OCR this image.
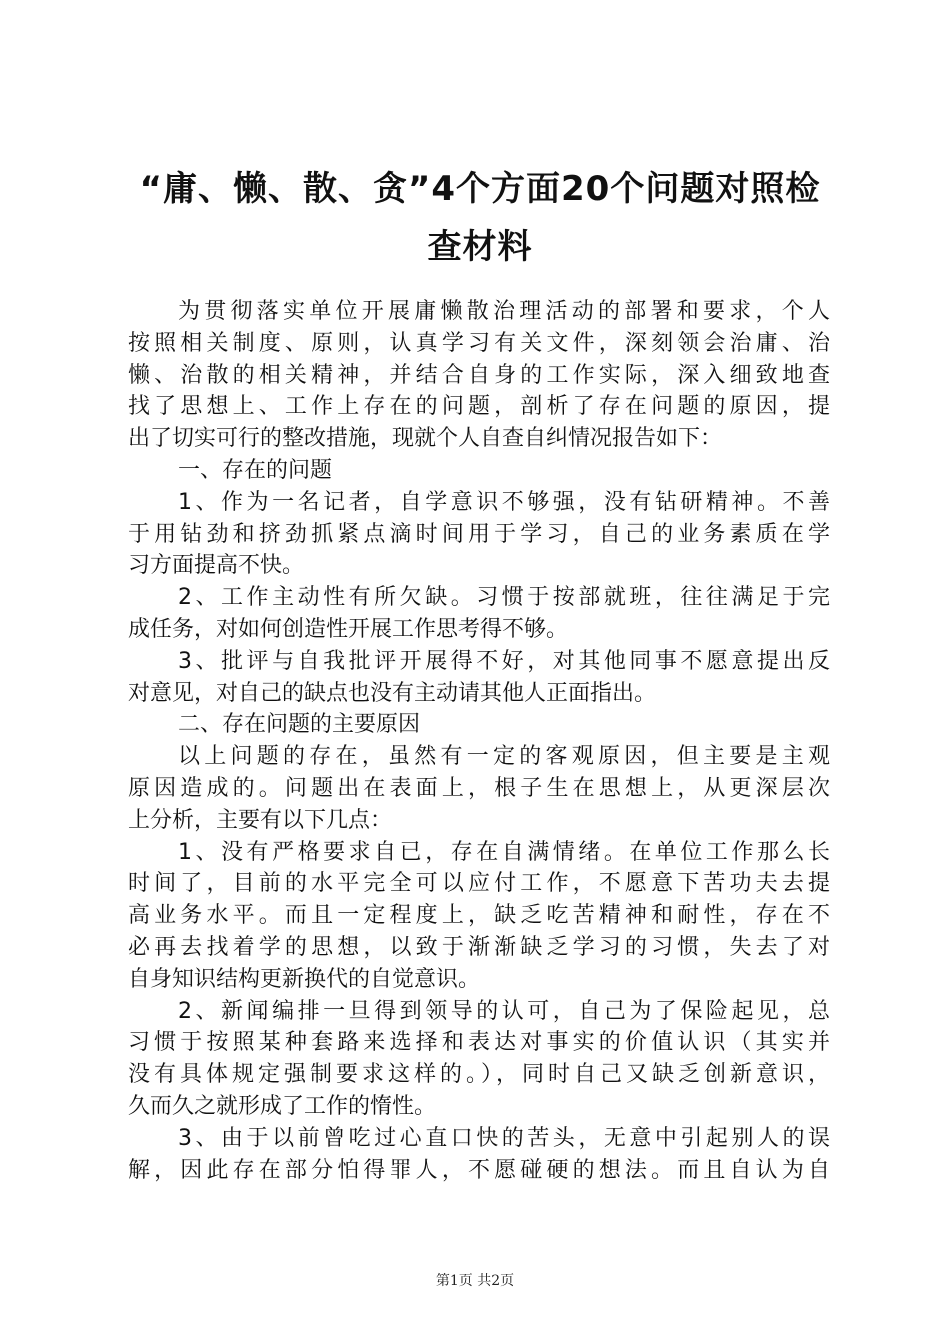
“庸、懒、散、贪”4个方面20个问题对照检
查材料
为贯彻落实单位开展庸懒散治理活动的部署和要求，个人
按照相关制度、原则，认真学习有关文件，深刻领会治庸、治
懒、治散的相关精神，并结合自身的工作实际，深入细致地查
找了思想上、工作上存在的问题，剖析了存在问题的原因，提
出了切实可行的整改措施，现就个人自查自纠情况报告如下：
一、存在的问题
1、作为一名记者，自学意识不够强，没有钻研精神。不善
于用钻劲和挤劲抓紧点滴时间用于学习，自己的业务素质在学
习方面提高不快。
2、工作主动性有所欠缺。习惯于按部就班，往往满足于完
成任务，对如何创造性开展工作思考得不够。
3、批评与自我批评开展得不好，对其他同事不愿意提出反
对意见，对自己的缺点也没有主动请其他人正面指出。
二、存在问题的主要原因
以上问题的存在，虽然有一定的客观原因，但主要是主观
原因造成的。问题出在表面上，根子生在思想上，从更深层次
上分析，主要有以下几点：
1、没有严格要求自已，存在自满情绪。在单位工作那么长
时间了，目前的水平完全可以应付工作，不愿意下苦功夫去提
高业务水平。而且一定程度上，缺乏吃苦精神和耐性，存在不
必再去找着学的思想，以致于渐渐缺乏学习的习惯，失去了对
自身知识结构更新换代的自觉意识。
2、新闻编排一旦得到领导的认可，自己为了保险起见，总
习惯于按照某种套路来选择和表达对事实的价值认识（其实并
没有具体规定强制要求这样的。），同时自己又缺乏创新意识，
久而久之就形成了工作的惰性。
3、由于以前曾吃过心直口快的苦头，无意中引起别人的误
解，因此存在部分怕得罪人，不愿碰硬的想法。而且自认为自
第1页 共2页
